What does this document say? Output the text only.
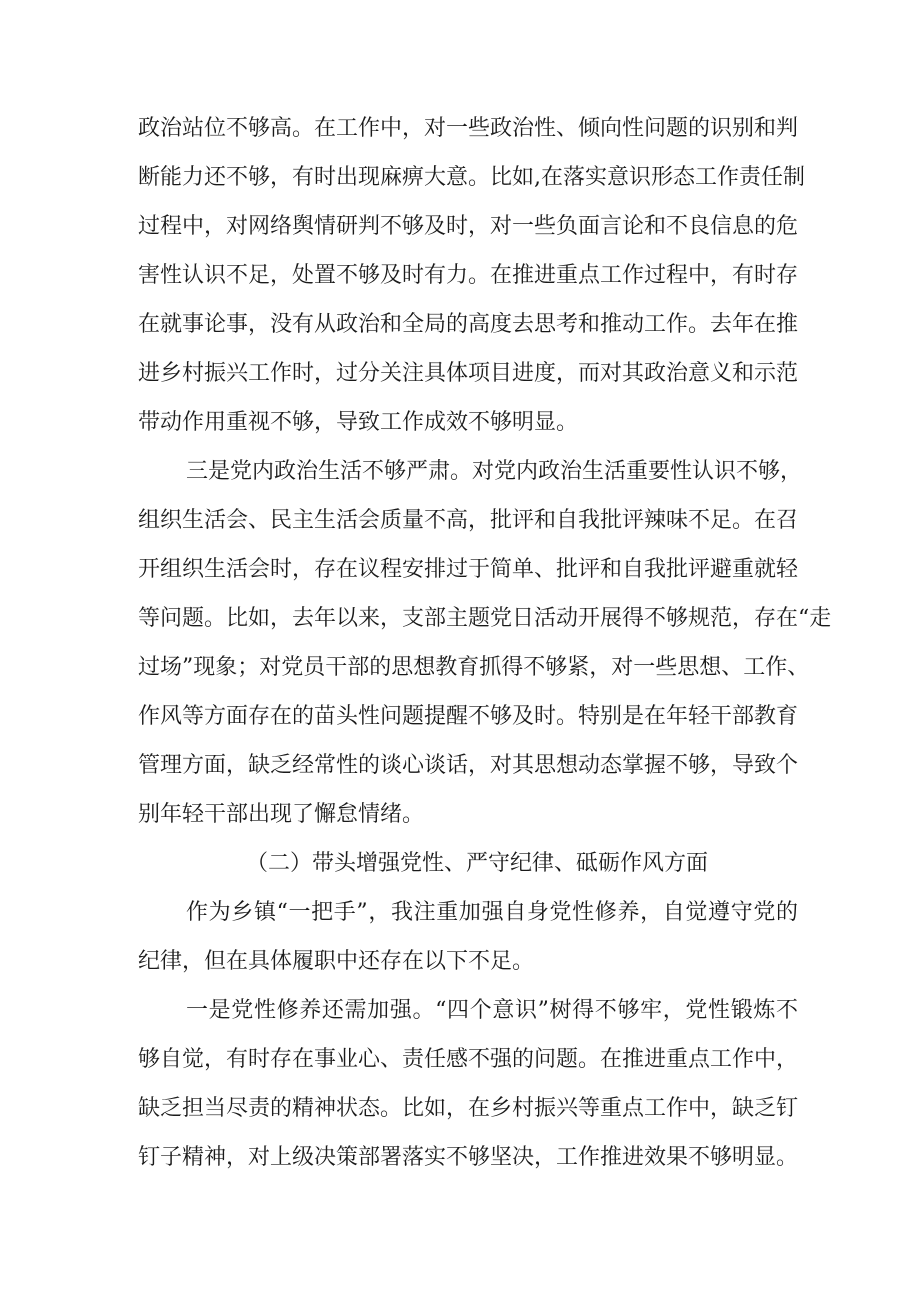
政治站位不够高。在工作中，对一些政治性、倾向性问题的识别和判
断能力还不够，有时出现麻痹大意。比如,在落实意识形态工作责任制
过程中，对网络舆情研判不够及时，对一些负面言论和不良信息的危
害性认识不足，处置不够及时有力。在推进重点工作过程中，有时存
在就事论事，没有从政治和全局的高度去思考和推动工作。去年在推
进乡村振兴工作时，过分关注具体项目进度，而对其政治意义和示范
带动作用重视不够，导致工作成效不够明显。
三是党内政治生活不够严肃。对党内政治生活重要性认识不够，
组织生活会、民主生活会质量不高，批评和自我批评辣味不足。在召
开组织生活会时，存在议程安排过于简单、批评和自我批评避重就轻
等问题。比如，去年以来，支部主题党日活动开展得不够规范，存在“走
过场”现象；对党员干部的思想教育抓得不够紧，对一些思想、工作、
作风等方面存在的苗头性问题提醒不够及时。特别是在年轻干部教育
管理方面，缺乏经常性的谈心谈话，对其思想动态掌握不够，导致个
别年轻干部出现了懈怠情绪。
（二）带头增强党性、严守纪律、砥砺作风方面
作为乡镇“一把手”，我注重加强自身党性修养，自觉遵守党的
纪律，但在具体履职中还存在以下不足。
一是党性修养还需加强。“四个意识”树得不够牢，党性锻炼不
够自觉，有时存在事业心、责任感不强的问题。在推进重点工作中，
缺乏担当尽责的精神状态。比如，在乡村振兴等重点工作中，缺乏钉
钉子精神，对上级决策部署落实不够坚决，工作推进效果不够明显。
